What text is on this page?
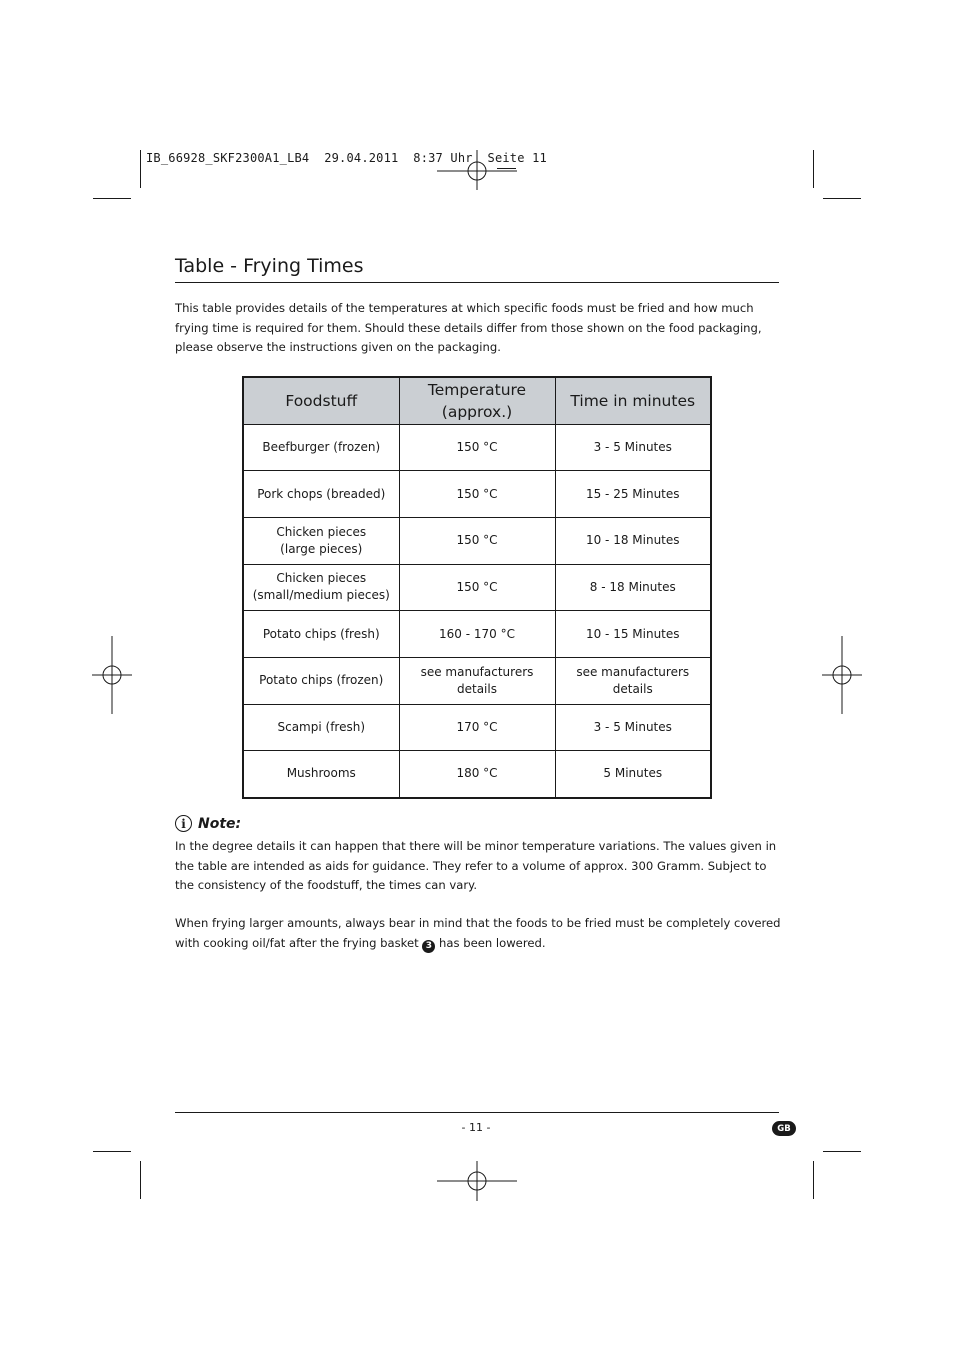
IB_66928_SKF2300A1_LB4  29.04.2011  8:37 Uhr  Seite 11
Table - Frying Times
This table provides details of the temperatures at which specific foods must be fried and how much frying time is required for them. Should these details differ from those shown on the food packaging, please observe the instructions given on the packaging.
Foodstuff	Temperature (approx.)	Time in minutes
Beefburger (frozen)	150 °C	3 - 5 Minutes
Pork chops (breaded)	150 °C	15 - 25 Minutes
Chicken pieces (large pieces)	150 °C	10 - 18 Minutes
Chicken pieces (small/medium pieces)	150 °C	8 - 18 Minutes
Potato chips (fresh)	160 - 170 °C	10 - 15 Minutes
Potato chips (frozen)	see manufacturers details	see manufacturers details
Scampi (fresh)	170 °C	3 - 5 Minutes
Mushrooms	180 °C	5 Minutes
i Note:
In the degree details it can happen that there will be minor temperature variations. The values given in the table are intended as aids for guidance. They refer to a volume of approx. 300 Gramm. Subject to the consistency of the foodstuff, the times can vary.
When frying larger amounts, always bear in mind that the foods to be fried must be completely covered with cooking oil/fat after the frying basket 3 has been lowered.
- 11 -	GB
